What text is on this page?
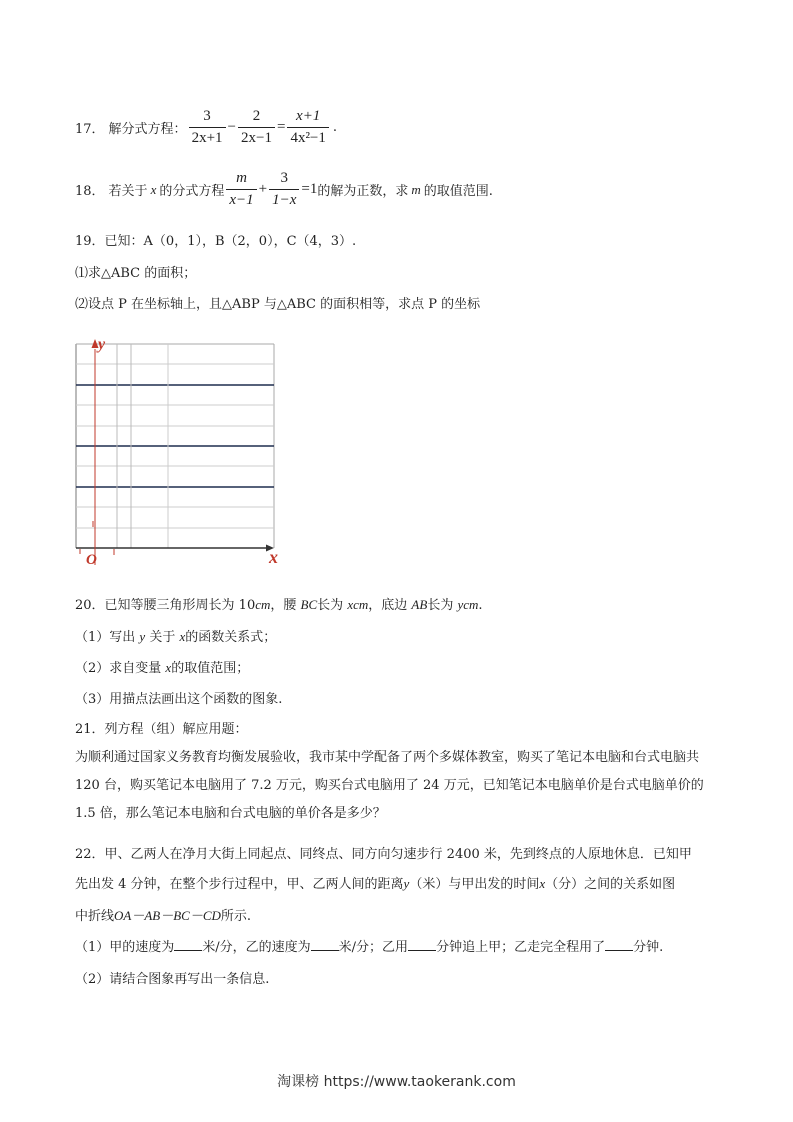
17． 解分式方程： $\frac{3}{2x+1} - \frac{2}{2x-1} = \frac{x+1}{\text{4x²−1}}$ .
18． 若关于 x 的分式方程 $\frac{m}{x-1} + \frac{3}{1-x} =1$ 的解为正数，求 m 的取值范围.
19．已知：A（0，1），B（2，0），C（4，3）.
⑴求△ABC 的面积；
⑵设点 P 在坐标轴上，且△ABP 与△ABC 的面积相等，求点 P 的坐标
y
x
O
20．已知等腰三角形周长为 10cm，腰 BC长为 xcm，底边 AB长为 ycm.
（1）写出 y 关于 x的函数关系式；
（2）求自变量 x的取值范围；
（3）用描点法画出这个函数的图象.
21．列方程（组）解应用题：
为顺利通过国家义务教育均衡发展验收，我市某中学配备了两个多媒体教室，购买了笔记本电脑和台式电脑共 120 台，购买笔记本电脑用了 7.2 万元，购买台式电脑用了 24 万元，已知笔记本电脑单价是台式电脑单价的 1.5 倍，那么笔记本电脑和台式电脑的单价各是多少？
22．甲、乙两人在净月大街上同起点、同终点、同方向匀速步行 2400 米，先到终点的人原地休息．已知甲
先出发 4 分钟，在整个步行过程中，甲、乙两人间的距离y（米）与甲出发的时间x（分）之间的关系如图
中折线OA－AB－BC－CD所示.
（1）甲的速度为 米/分，乙的速度为 米/分；乙用 分钟追上甲；乙走完全程用了 分钟.
（2）请结合图象再写出一条信息.
淘课榜 https://www.taokerank.com
